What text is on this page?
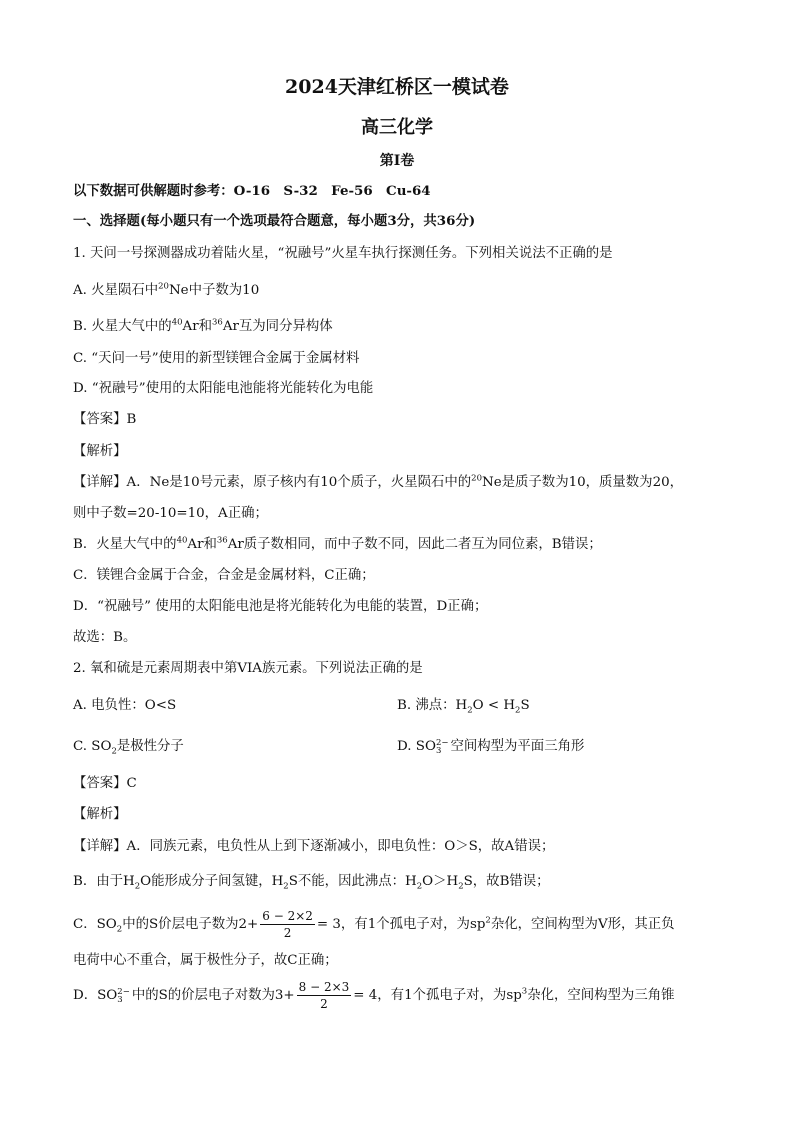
2024天津红桥区一模试卷
高三化学
第I卷
以下数据可供解题时参考：O-16　S-32　Fe-56　Cu-64
一、选择题(每小题只有一个选项最符合题意，每小题3分，共36分)
1. 天问一号探测器成功着陆火星，“祝融号”火星车执行探测任务。下列相关说法不正确的是
A. 火星陨石中$^{20}$Ne中子数为10
B. 火星大气中的$^{40}$Ar和$^{36}$Ar互为同分异构体
C. “天问一号”使用的新型镁锂合金属于金属材料
D. “祝融号”使用的太阳能电池能将光能转化为电能
【答案】B
【解析】
【详解】A．Ne是10号元素，原子核内有10个质子，火星陨石中的$^{20}$Ne是质子数为10，质量数为20，
则中子数=20-10=10，A正确；
B．火星大气中的$^{40}$Ar和$^{36}$Ar质子数相同，而中子数不同，因此二者互为同位素，B错误；
C．镁锂合金属于合金，合金是金属材料，C正确；
D．“祝融号” 使用的太阳能电池是将光能转化为电能的装置，D正确；
故选：B。
2. 氧和硫是元素周期表中第VIA族元素。下列说法正确的是
A. 电负性：O<S	B. 沸点：$H_2O < H_2S$
C. $SO_2$是极性分子	D. SO 2−
3 空间构型为平面三角形
【答案】C
【解析】
【详解】A．同族元素，电负性从上到下逐渐减小，即电负性：O＞S，故A错误；
B．由于$H_2O$能形成分子间氢键，$H_2S$不能，因此沸点：$H_2O>H_2S$，故B错误；
C．$SO_2$中的S价层电子数为$2+ \frac{6 - 2\times 2}{2} = 3$，有1个孤电子对，为$sp^2$杂化，空间构型为V形，其正负
电荷中心不重合，属于极性分子，故C正确；
D．SO 2−
3 中的S的价层电子对数为$3+ \frac{8 - 2\times 3}{2} = 4$，有1个孤电子对，为$sp^3$杂化，空间构型为三角锥
